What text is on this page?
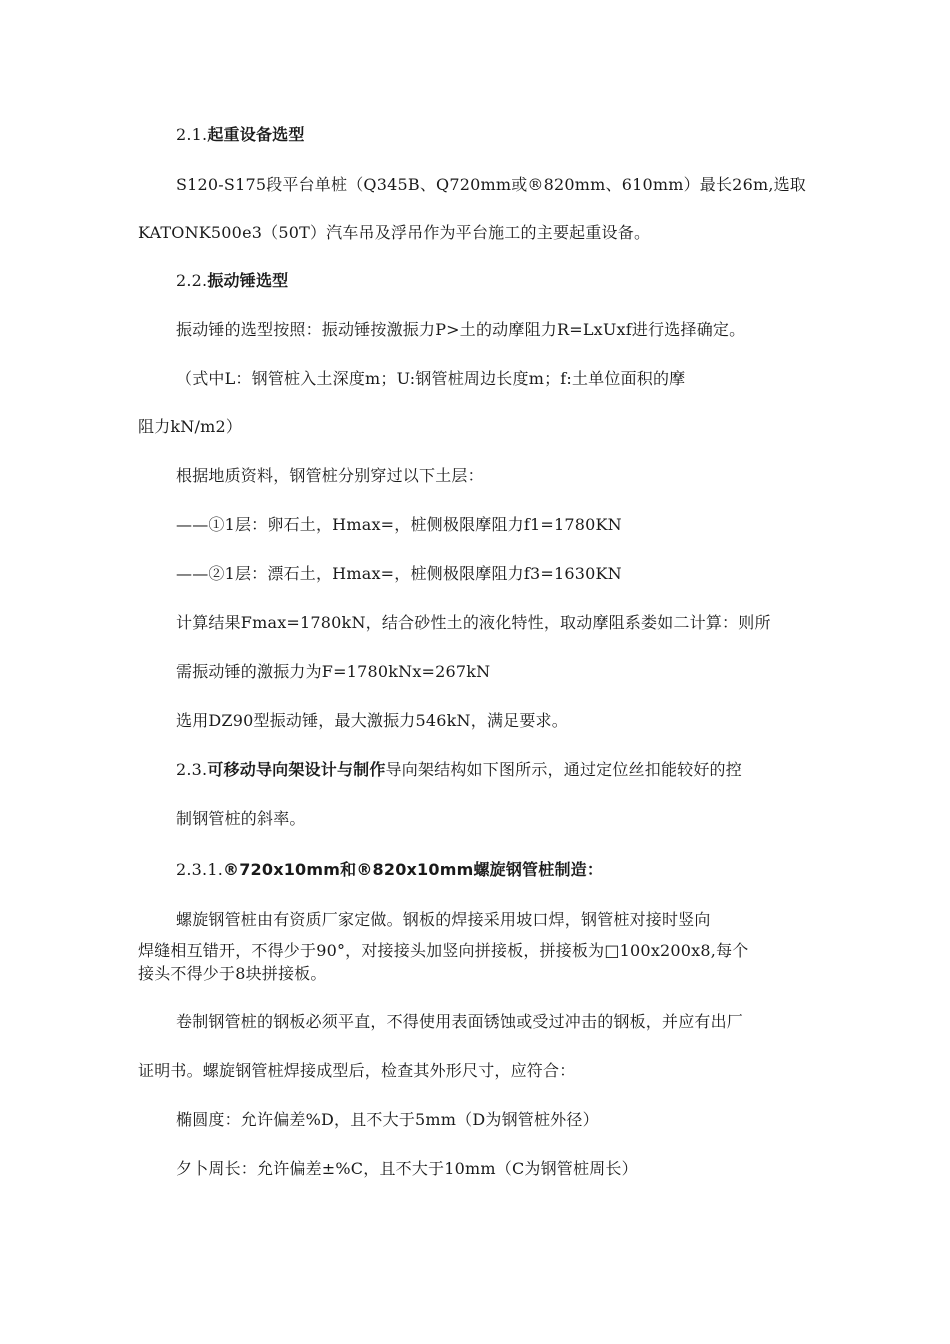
2.1.起重设备选型
S120-S175段平台单桩（Q345B、Q720mm或®820mm、610mm）最长26m,选取
KATONK500e3（50T）汽车吊及浮吊作为平台施工的主要起重设备。
2.2.振动锤选型
振动锤的选型按照：振动锤按激振力P>土的动摩阻力R=LxUxf进行选择确定。
（式中L：钢管桩入土深度m；U:钢管桩周边长度m；f:土单位面积的摩
阻力kN/m2）
根据地质资料，钢管桩分别穿过以下土层：
——①1层：卵石土，Hmax=，桩侧极限摩阻力f1=1780KN
——②1层：漂石土，Hmax=，桩侧极限摩阻力f3=1630KN
计算结果Fmax=1780kN，结合砂性土的液化特性，取动摩阻系娄如二计算：则所
需振动锤的激振力为F=1780kNx=267kN
选用DZ90型振动锤，最大激振力546kN，满足要求。
2.3.可移动导向架设计与制作导向架结构如下图所示，通过定位丝扣能较好的控
制钢管桩的斜率。
2.3.1.®720x10mm和®820x10mm螺旋钢管桩制造：
螺旋钢管桩由有资质厂家定做。钢板的焊接采用坡口焊，钢管桩对接时竖向
焊缝相互错开，不得少于90°，对接接头加竖向拼接板，拼接板为□100x200x8,每个
接头不得少于8块拼接板。
卷制钢管桩的钢板必须平直，不得使用表面锈蚀或受过冲击的钢板，并应有出厂
证明书。螺旋钢管桩焊接成型后，检查其外形尺寸，应符合：
椭圆度：允许偏差%D，且不大于5mm（D为钢管桩外径）
夕卜周长：允许偏差±%C，且不大于10mm（C为钢管桩周长）
